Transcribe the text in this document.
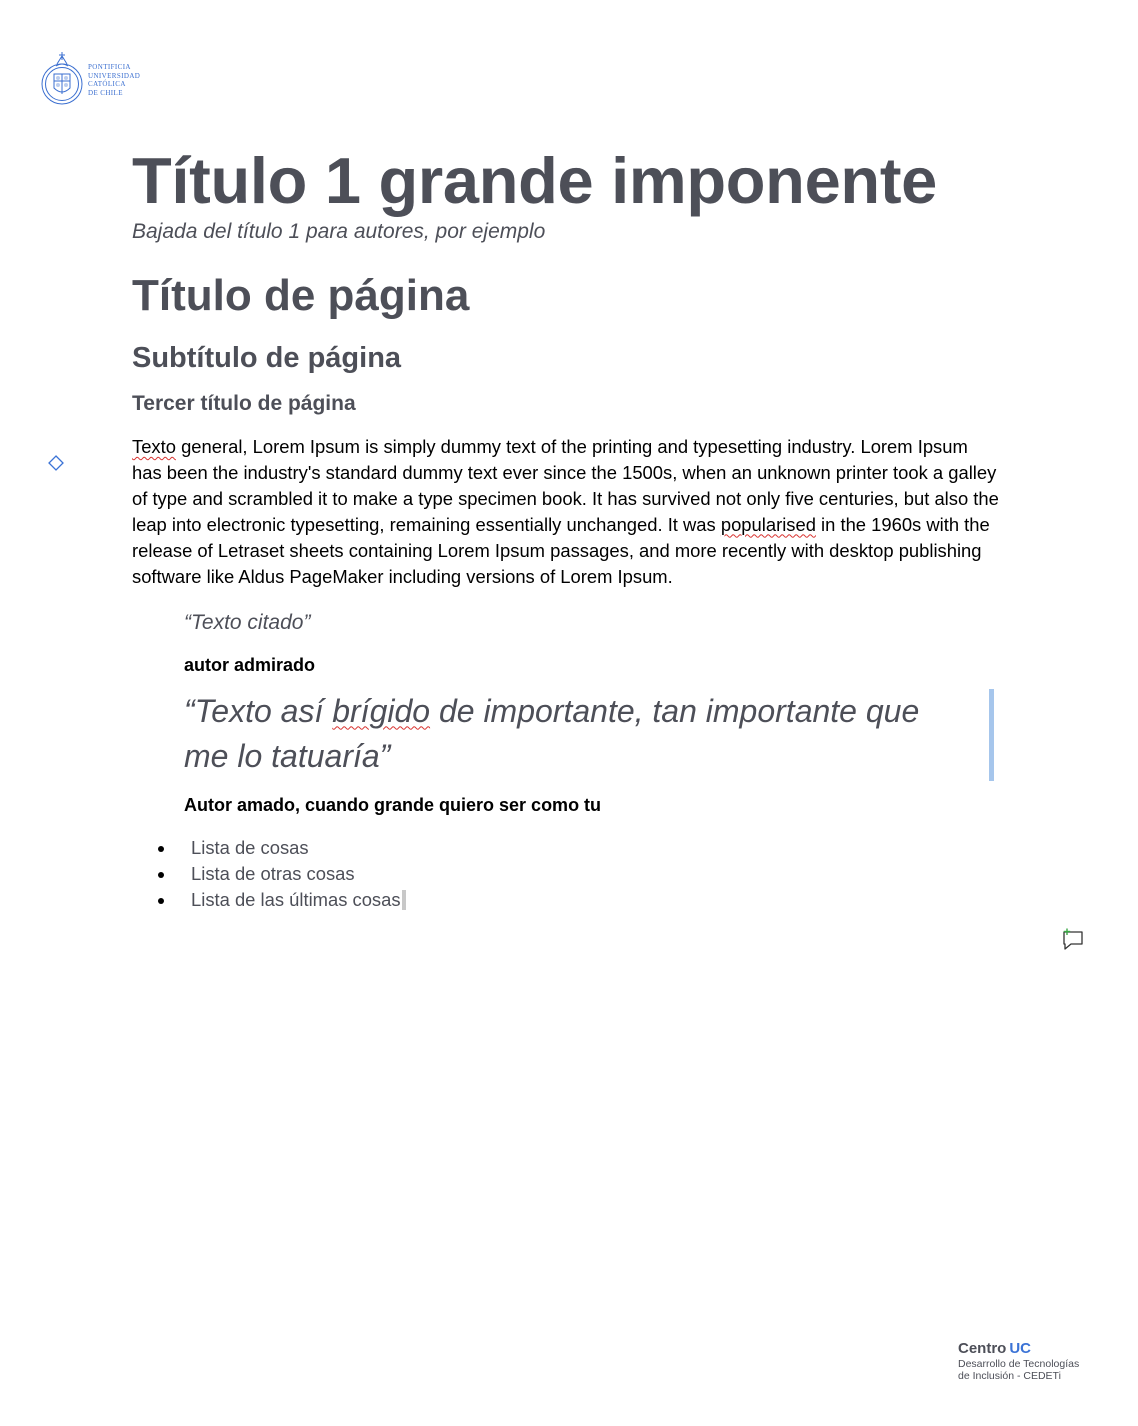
PONTIFICIA
UNIVERSIDAD
CATÓLICA
DE CHILE
Título 1 grande imponente

Bajada del título 1 para autores, por ejemplo

Título de página
Subtítulo de página
Tercer título de página

Texto general, Lorem Ipsum is simply dummy text of the printing and typesetting industry. Lorem Ipsum has been the industry's standard dummy text ever since the 1500s, when an unknown printer took a galley of type and scrambled it to make a type specimen book. It has survived not only five centuries, but also the leap into electronic typesetting, remaining essentially unchanged. It was popularised in the 1960s with the release of Letraset sheets containing Lorem Ipsum passages, and more recently with desktop publishing software like Aldus PageMaker including versions of Lorem Ipsum.

“Texto citado”

autor admirado

“Texto así brígido de importante, tan importante que me lo tatuaría”

Autor amado, cuando grande quiero ser como tu

Lista de cosas
Lista de otras cosas
Lista de las últimas cosas
Centro UC
Desarrollo de Tecnologías
de Inclusión - CEDETi
